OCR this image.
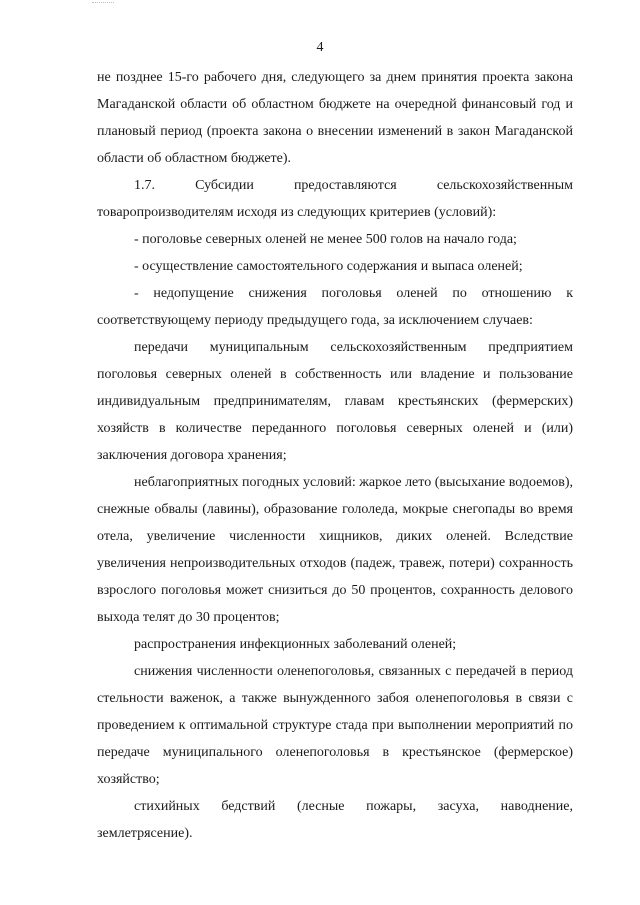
4

не позднее 15-го рабочего дня, следующего за днем принятия проекта закона Магаданской области об областном бюджете на очередной финансовый год и плановый период (проекта закона о внесении изменений в закон Магаданской области об областном бюджете).

1.7. Субсидии предоставляются сельскохозяйственным товаропроизводителям исходя из следующих критериев (условий):

- поголовье северных оленей не менее 500 голов на начало года;

- осуществление самостоятельного содержания и выпаса оленей;

- недопущение снижения поголовья оленей по отношению к соответствующему периоду предыдущего года, за исключением случаев:

передачи муниципальным сельскохозяйственным предприятием поголовья северных оленей в собственность или владение и пользование индивидуальным предпринимателям, главам крестьянских (фермерских) хозяйств в количестве переданного поголовья северных оленей и (или) заключения договора хранения;

неблагоприятных погодных условий: жаркое лето (высыхание водоемов), снежные обвалы (лавины), образование гололеда, мокрые снегопады во время отела, увеличение численности хищников, диких оленей. Вследствие увеличения непроизводительных отходов (падеж, травеж, потери) сохранность взрослого поголовья может снизиться до 50 процентов, сохранность делового выхода телят до 30 процентов;

распространения инфекционных заболеваний оленей;

снижения численности оленепоголовья, связанных с передачей в период стельности важенок, а также вынужденного забоя оленепоголовья в связи с проведением к оптимальной структуре стада при выполнении мероприятий по передаче муниципального оленепоголовья в крестьянское (фермерское) хозяйство;

стихийных бедствий (лесные пожары, засуха, наводнение, землетрясение).
